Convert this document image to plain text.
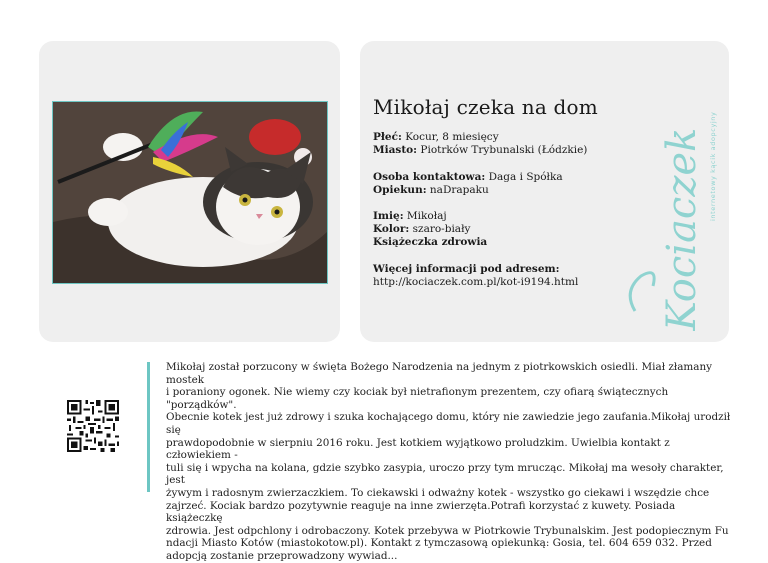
Mikołaj czeka na dom
Płeć: Kocur, 8 miesięcy
Miasto: Piotrków Trybunalski (Łódzkie)
Osoba kontaktowa: Daga i Spółka
Opiekun: naDrapaku
Imię: Mikołaj
Kolor: szaro-biały
Książeczka zdrowia
Więcej informacji pod adresem:
http://kociaczek.com.pl/kot-i9194.html Kociaczek internetowy kącik adopcyjny
Mikołaj został porzucony w święta Bożego Narodzenia na jednym z piotrkowskich osiedli. Miał złamany mostek
i poraniony ogonek. Nie wiemy czy kociak był nietrafionym prezentem, czy ofiarą świątecznych "porządków".
Obecnie kotek jest już zdrowy i szuka kochającego domu, który nie zawiedzie jego zaufania.Mikołaj urodził się
prawdopodobnie w sierpniu 2016 roku. Jest kotkiem wyjątkowo proludzkim. Uwielbia kontakt z człowiekiem -
tuli się i wpycha na kolana, gdzie szybko zasypia, uroczo przy tym mrucząc. Mikołaj ma wesoły charakter, jest
żywym i radosnym zwierzaczkiem. To ciekawski i odważny kotek - wszystko go ciekawi i wszędzie chce
zajrzeć. Kociak bardzo pozytywnie reaguje na inne zwierzęta.Potrafi korzystać z kuwety. Posiada książeczkę
zdrowia. Jest odpchlony i odrobaczony. Kotek przebywa w Piotrkowie Trybunalskim. Jest podopiecznym Fu
ndacji Miasto Kotów (miastokotow.pl). Kontakt z tymczasową opiekunką: Gosia, tel. 604 659 032. Przed
adopcją zostanie przeprowadzony wywiad...
